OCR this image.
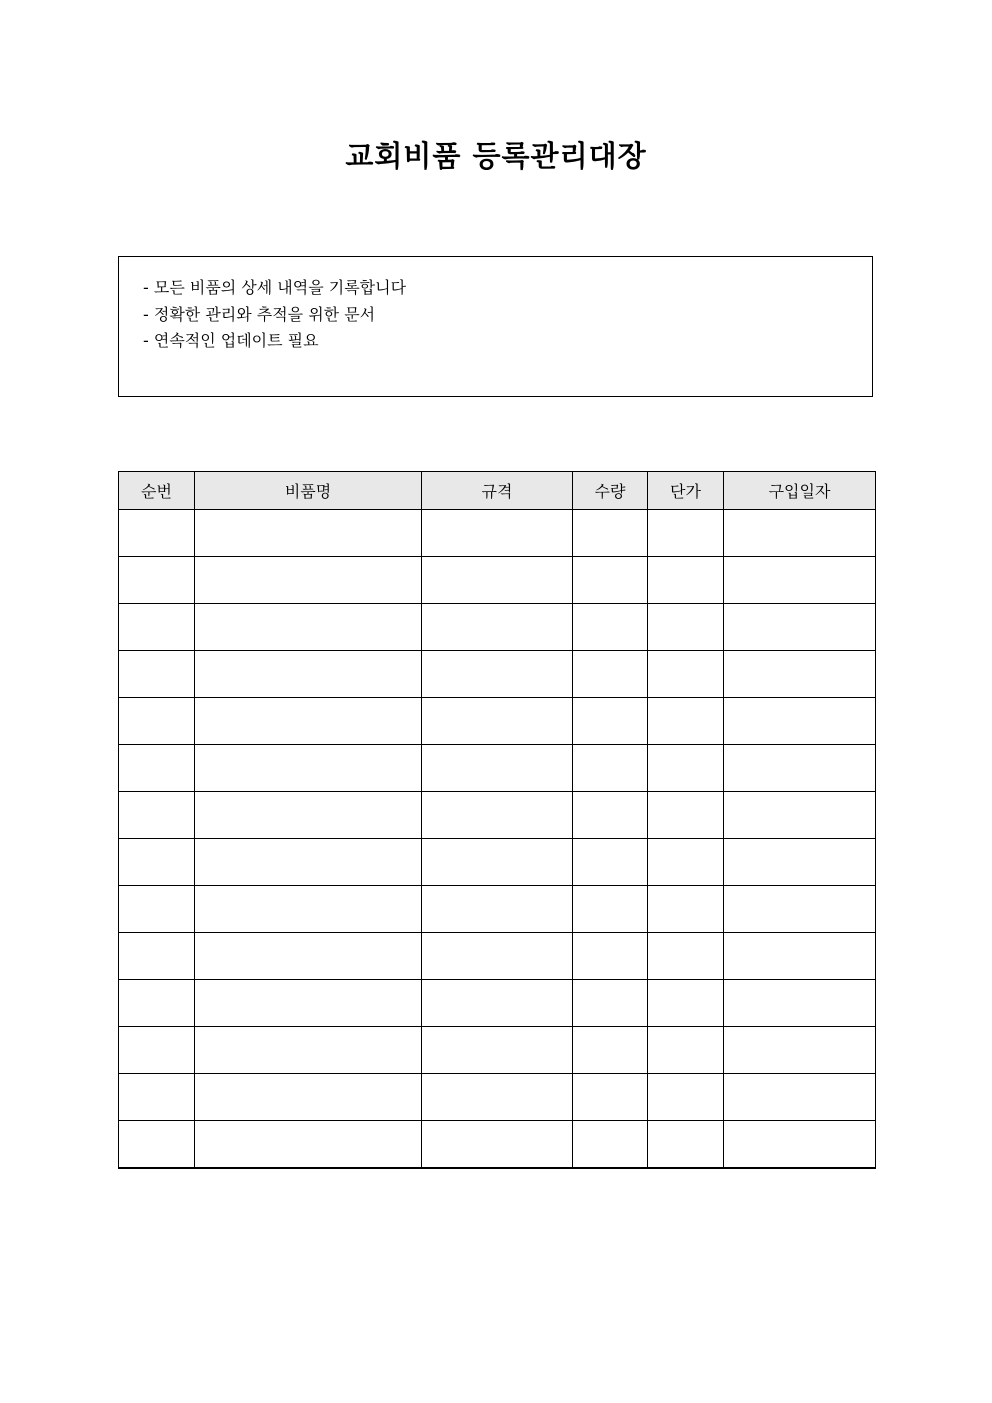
교회비품 등록관리대장
- 모든 비품의 상세 내역을 기록합니다
- 정확한 관리와 추적을 위한 문서
- 연속적인 업데이트 필요
순번	비품명	규격	수량	단가	구입일자
